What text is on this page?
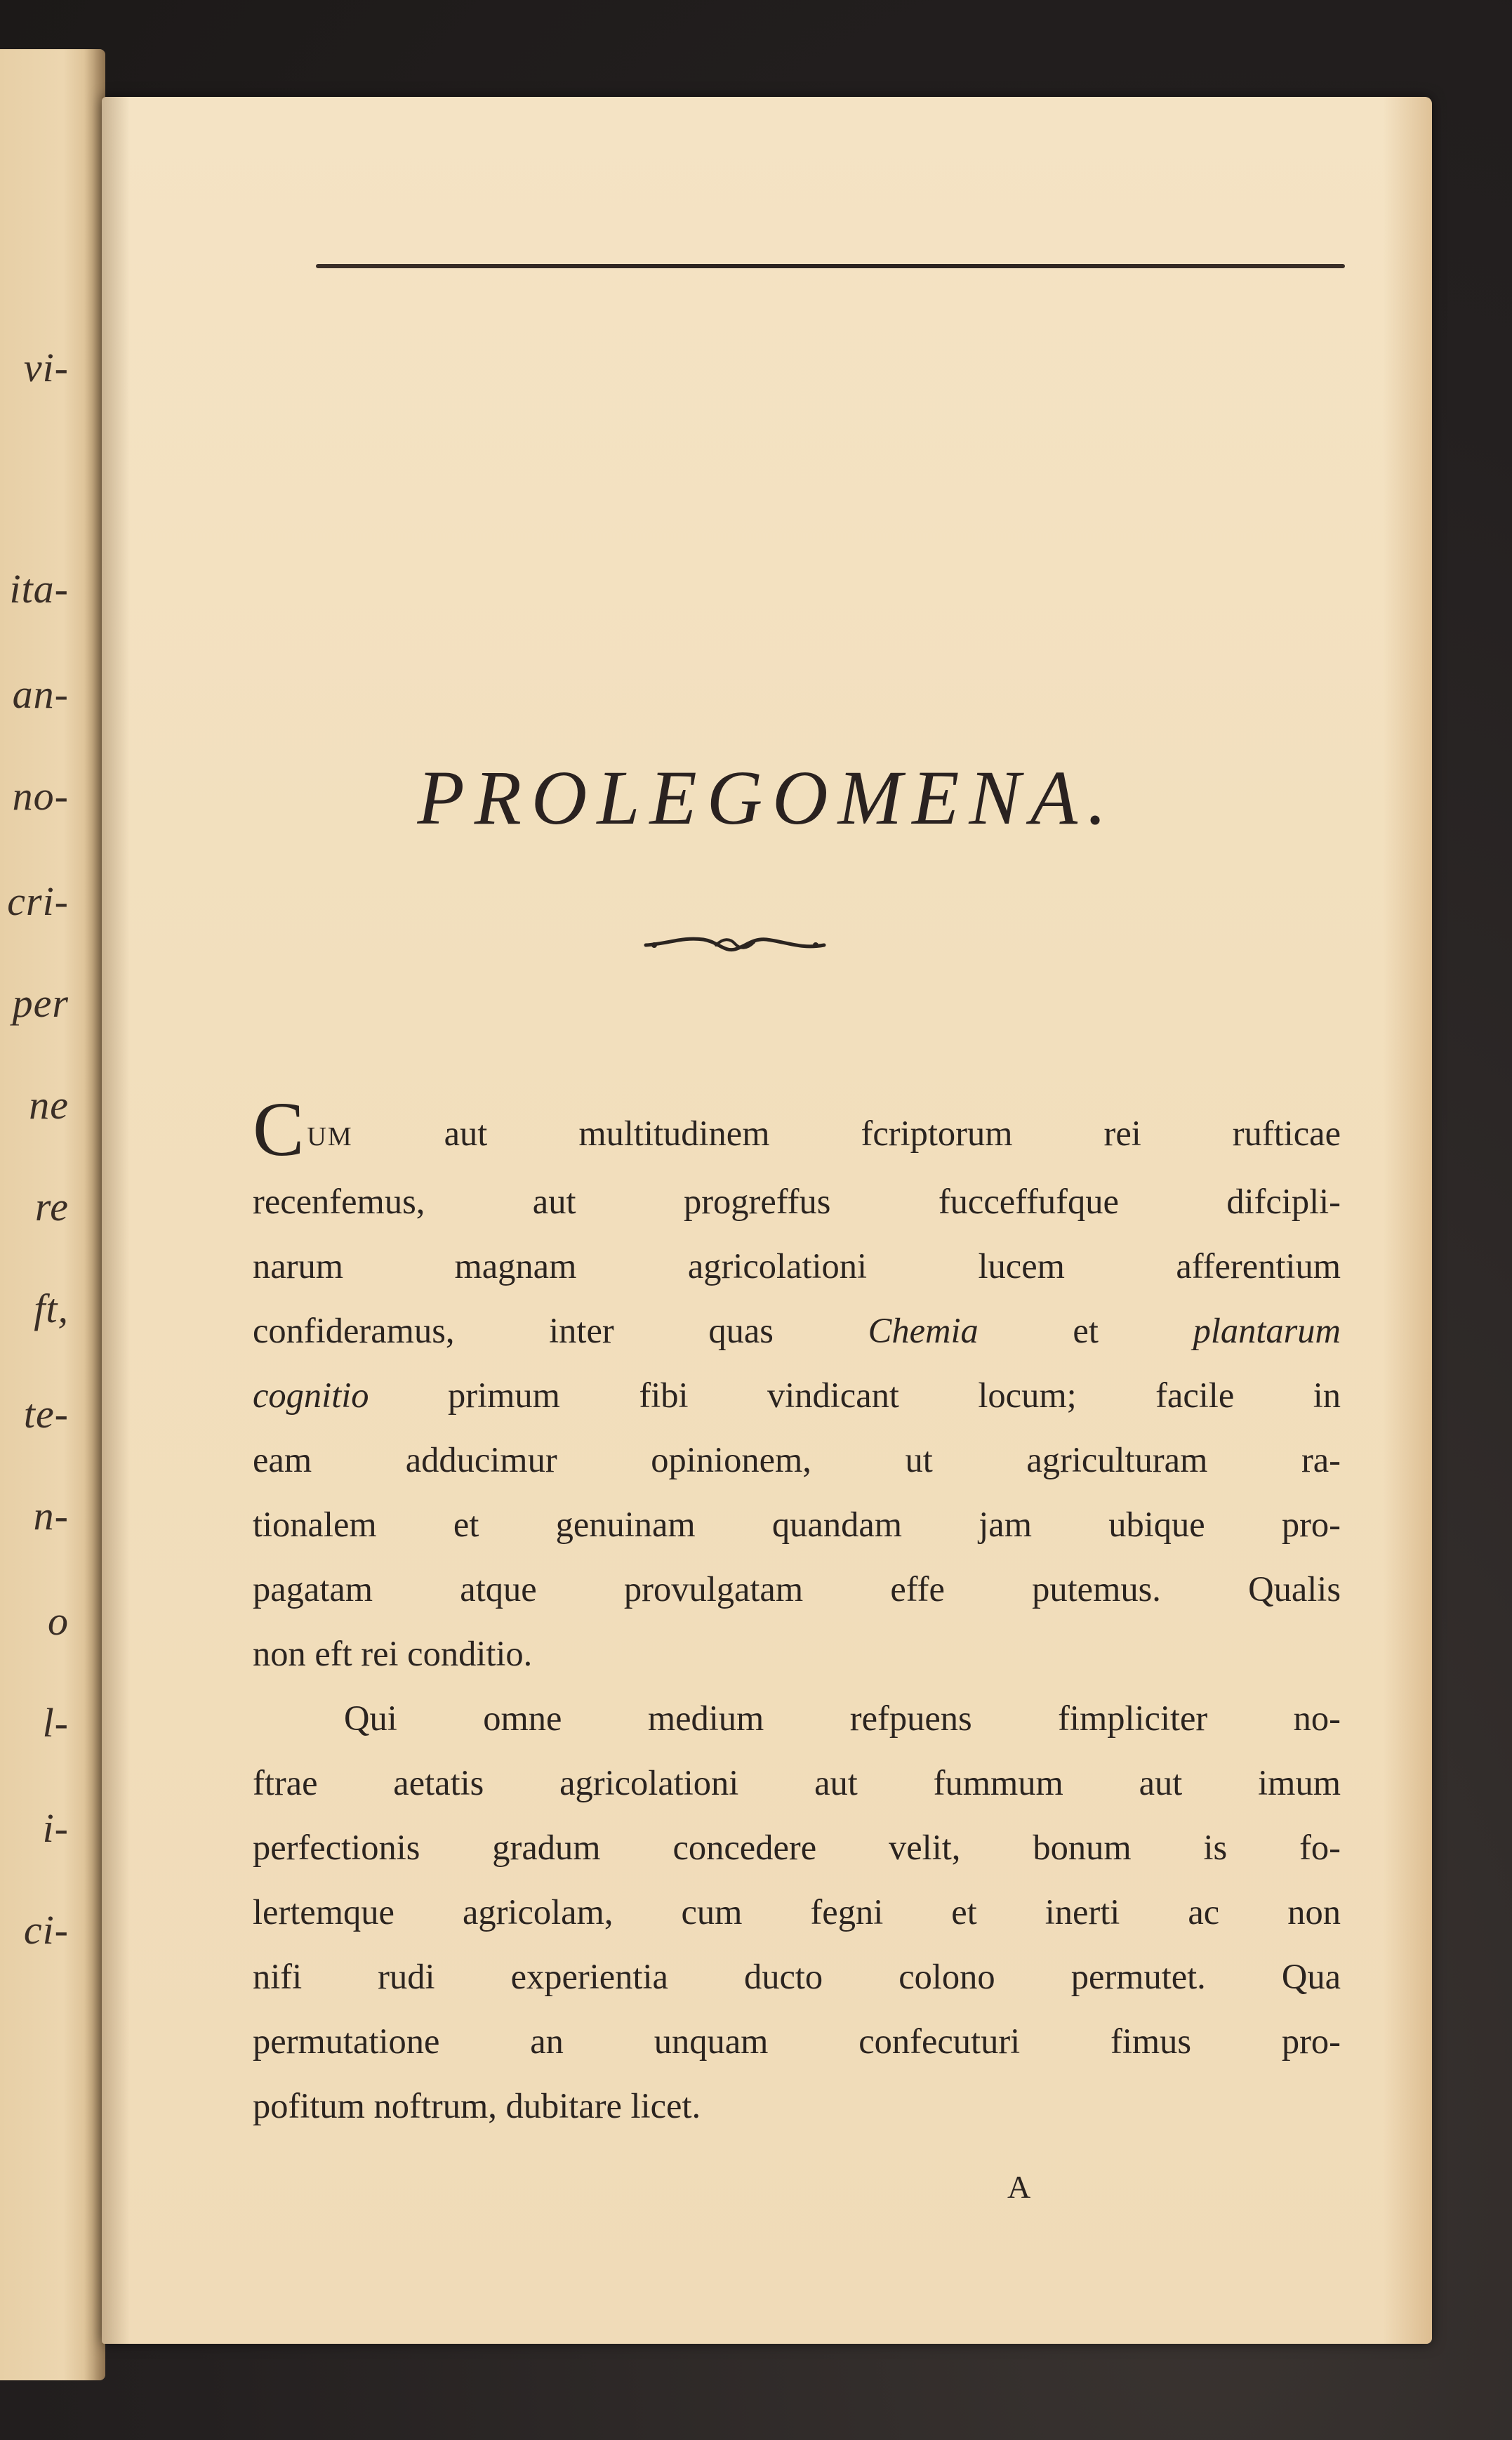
vi-
ita-
an-
no-
cri-
per
ne
re
ft,
te-
n-
o
l-
i-
ci-
PROLEGOMENA.

CUM aut multitudinem fcriptorum rei rufticae
recenfemus, aut progreffus fucceffufque difcipli-
narum magnam agricolationi lucem afferentium
confideramus, inter quas Chemia et plantarum
cognitio primum fibi vindicant locum; facile in
eam adducimur opinionem, ut agriculturam ra-
tionalem et genuinam quandam jam ubique pro-
pagatam atque provulgatam effe putemus. Qualis
non eft rei conditio.

Qui omne medium refpuens fimpliciter no-
ftrae aetatis agricolationi aut fummum aut imum
perfectionis gradum concedere velit, bonum is fo-
lertemque agricolam, cum fegni et inerti ac non
nifi rudi experientia ducto colono permutet. Qua
permutatione an unquam confecuturi fimus pro-
pofitum noftrum, dubitare licet.

A
